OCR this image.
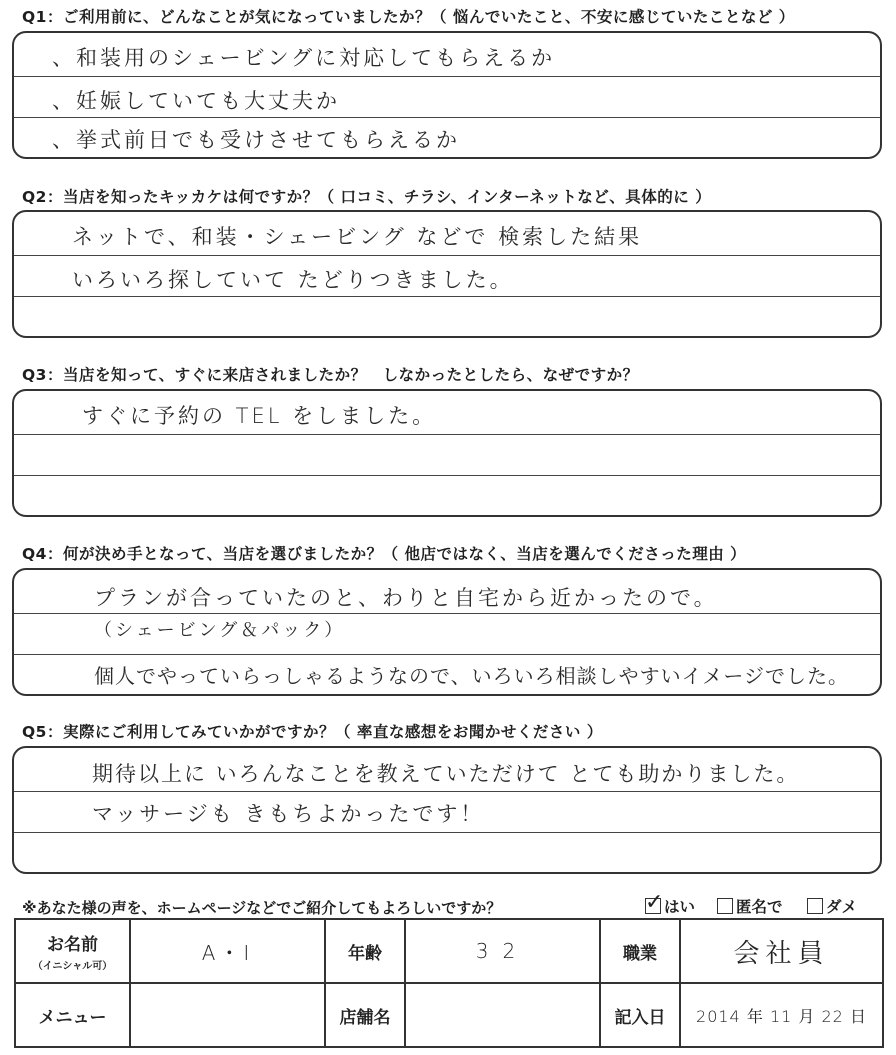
Q1：ご利用前に、どんなことが気になっていましたか？（ 悩んでいたこと、不安に感じていたことなど ）
、和装用のシェービングに対応してもらえるか
、妊娠していても大丈夫か
、挙式前日でも受けさせてもらえるか
Q2：当店を知ったキッカケは何ですか？（ 口コミ、チラシ、インターネットなど、具体的に ）
ネットで、和装・シェービング などで 検索した結果
いろいろ探していて たどりつきました。
Q3：当店を知って、すぐに来店されましたか？　しなかったとしたら、なぜですか？
すぐに予約の TEL をしました。
Q4：何が決め手となって、当店を選びましたか？（ 他店ではなく、当店を選んでくださった理由 ）
プランが合っていたのと、わりと自宅から近かったので。
（シェービング＆パック）
個人でやっていらっしゃるようなので、いろいろ相談しやすいイメージでした。
Q5：実際にご利用してみていかがですか？（ 率直な感想をお聞かせください ）
期待以上に いろんなことを教えていただけて とても助かりました。
マッサージも きもちよかったです！
※あなた様の声を、ホームページなどでご紹介してもよろしいですか？	✓ はい	匿名で	ダメ
お名前
（イニシャル可）	A・I	年齢	32	職業	会社員
メニュー		店舗名		記入日	2014 年 11 月 22 日
